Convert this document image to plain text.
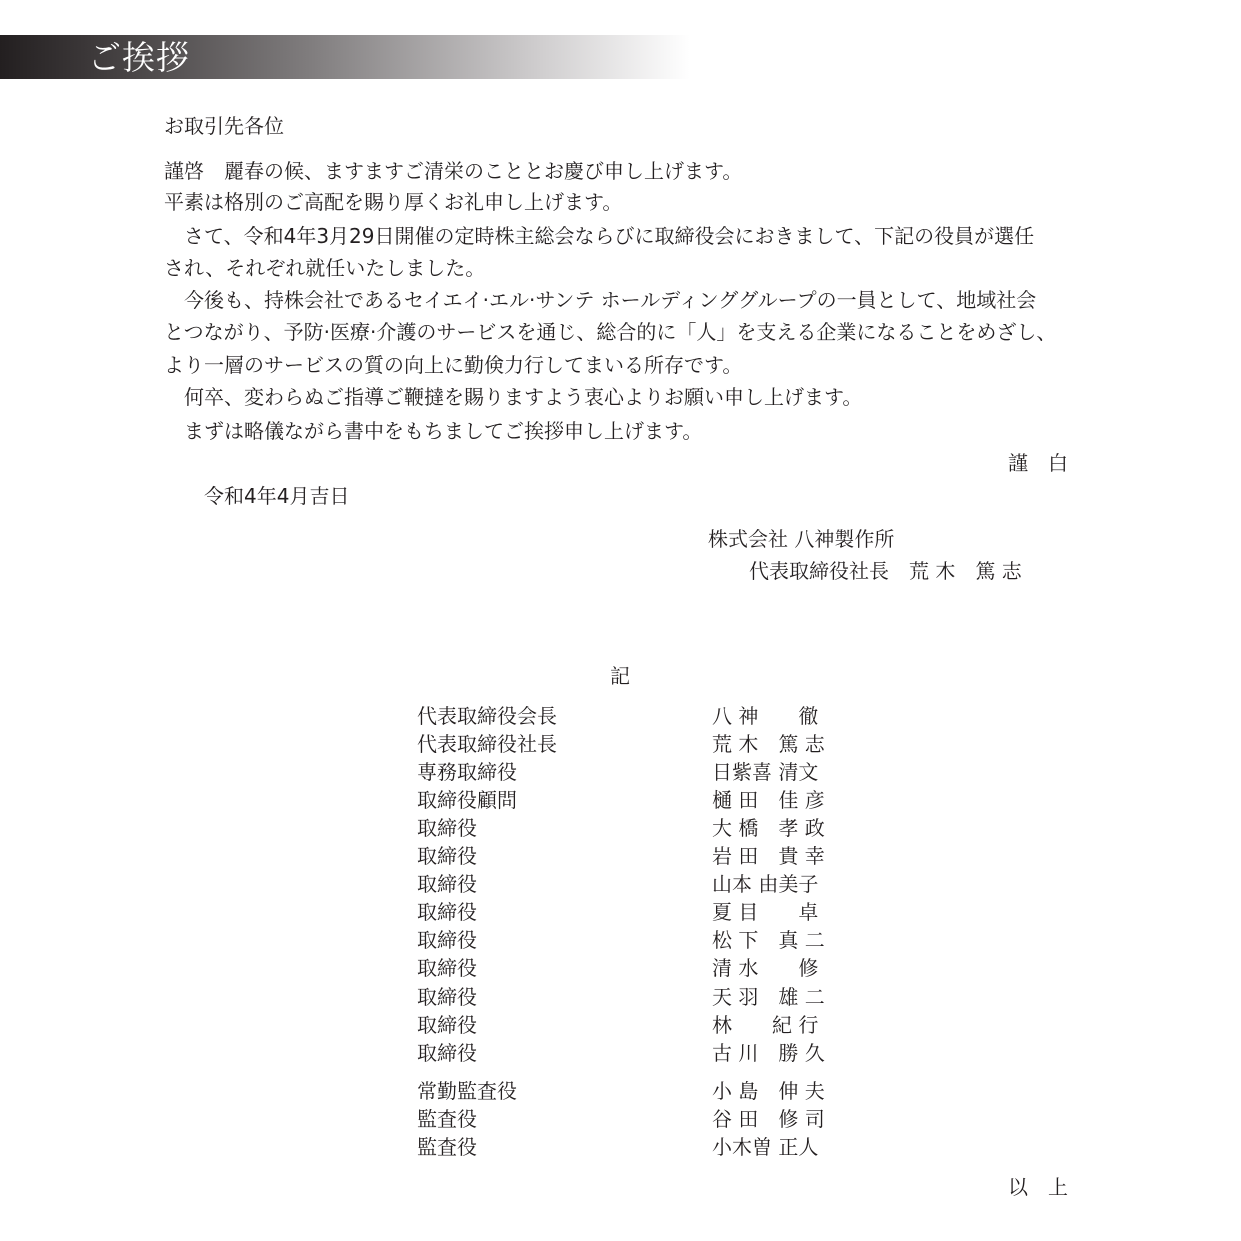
ご挨拶
お取引先各位
謹啓　麗春の候、ますますご清栄のこととお慶び申し上げます。
平素は格別のご高配を賜り厚くお礼申し上げます。
さて、令和4年3月29日開催の定時株主総会ならびに取締役会におきまして、下記の役員が選任
され、それぞれ就任いたしました。
今後も、持株会社であるセイエイ·エル·サンテ ホールディンググループの一員として、地域社会
とつながり、予防·医療·介護のサービスを通じ、総合的に「人」を支える企業になることをめざし、
より一層のサービスの質の向上に勤倹力行してまいる所存です。
何卒、変わらぬご指導ご鞭撻を賜りますよう衷心よりお願い申し上げます。
まずは略儀ながら書中をもちましてご挨拶申し上げます。
謹　白
令和4年4月吉日
株式会社 八神製作所
代表取締役社長　荒 木　篤 志
記
代表取締役会長	八 神　　徹
代表取締役社長	荒 木　篤 志
専務取締役	日紫喜 清文
取締役顧問	樋 田　佳 彦
取締役	大 橋　孝 政
取締役	岩 田　貴 幸
取締役	山本 由美子
取締役	夏 目　　卓
取締役	松 下　真 二
取締役	清 水　　修
取締役	天 羽　雄 二
取締役	林　　紀 行
取締役	古 川　勝 久
常勤監査役	小 島　伸 夫
監査役	谷 田　修 司
監査役	小木曽 正人
以　上
